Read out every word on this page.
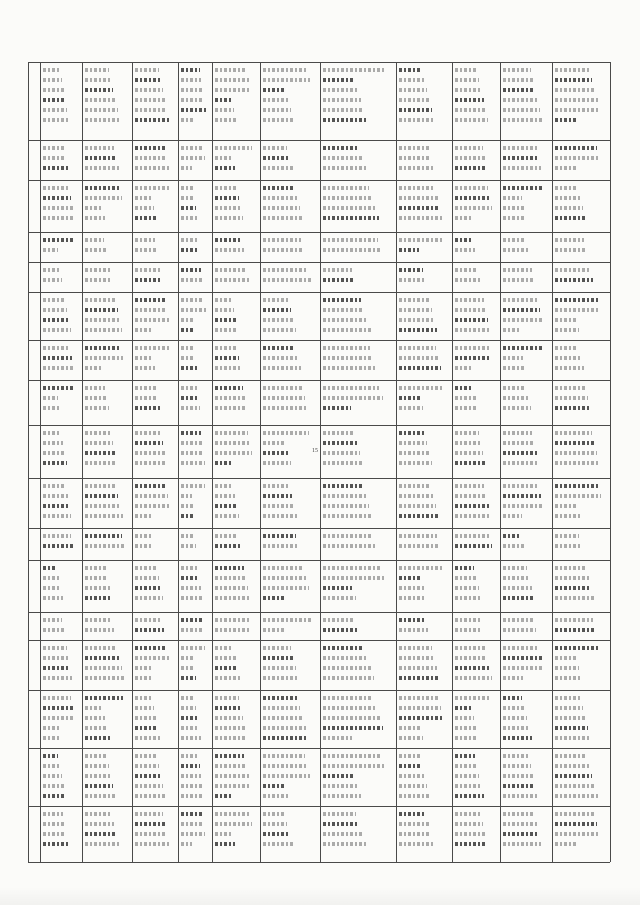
15
